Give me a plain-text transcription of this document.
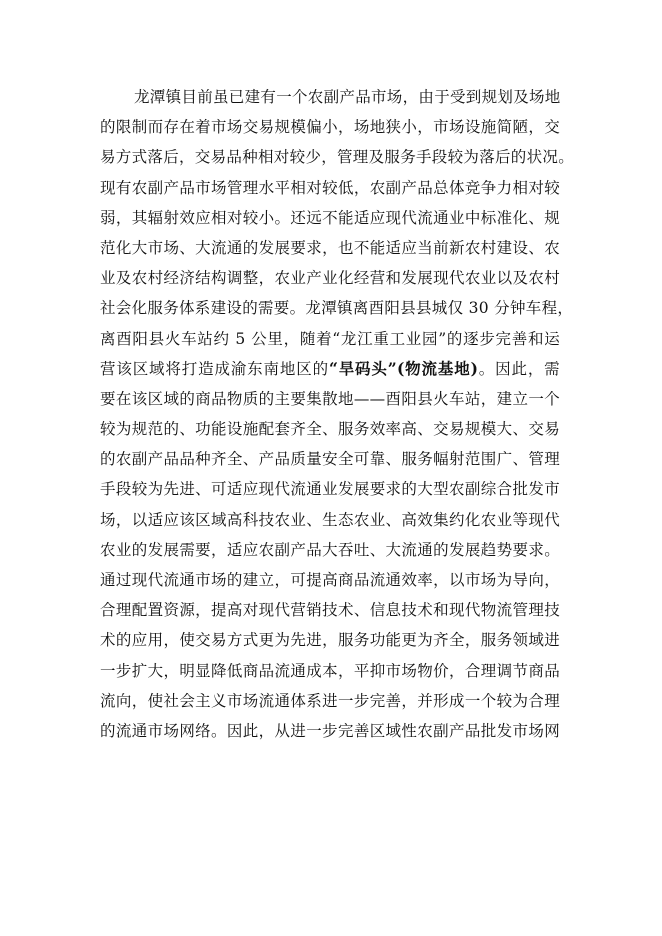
龙潭镇目前虽已建有一个农副产品市场，由于受到规划及场地
的限制而存在着市场交易规模偏小，场地狭小，市场设施简陋，交
易方式落后，交易品种相对较少，管理及服务手段较为落后的状况。
现有农副产品市场管理水平相对较低，农副产品总体竞争力相对较
弱，其辐射效应相对较小。还远不能适应现代流通业中标准化、规
范化大市场、大流通的发展要求，也不能适应当前新农村建设、农
业及农村经济结构调整，农业产业化经营和发展现代农业以及农村
社会化服务体系建设的需要。龙潭镇离酉阳县县城仅 30 分钟车程，
离酉阳县火车站约 5 公里，随着“龙江重工业园”的逐步完善和运
营该区域将打造成渝东南地区的“旱码头”(物流基地)。因此，需
要在该区域的商品物质的主要集散地——酉阳县火车站，建立一个
较为规范的、功能设施配套齐全、服务效率高、交易规模大、交易
的农副产品品种齐全、产品质量安全可靠、服务幅射范围广、管理
手段较为先进、可适应现代流通业发展要求的大型农副综合批发市
场，以适应该区域高科技农业、生态农业、高效集约化农业等现代
农业的发展需要，适应农副产品大吞吐、大流通的发展趋势要求。
通过现代流通市场的建立，可提高商品流通效率，以市场为导向，
合理配置资源，提高对现代营销技术、信息技术和现代物流管理技
术的应用，使交易方式更为先进，服务功能更为齐全，服务领域进
一步扩大，明显降低商品流通成本，平抑市场物价，合理调节商品
流向，使社会主义市场流通体系进一步完善，并形成一个较为合理
的流通市场网络。因此，从进一步完善区域性农副产品批发市场网
